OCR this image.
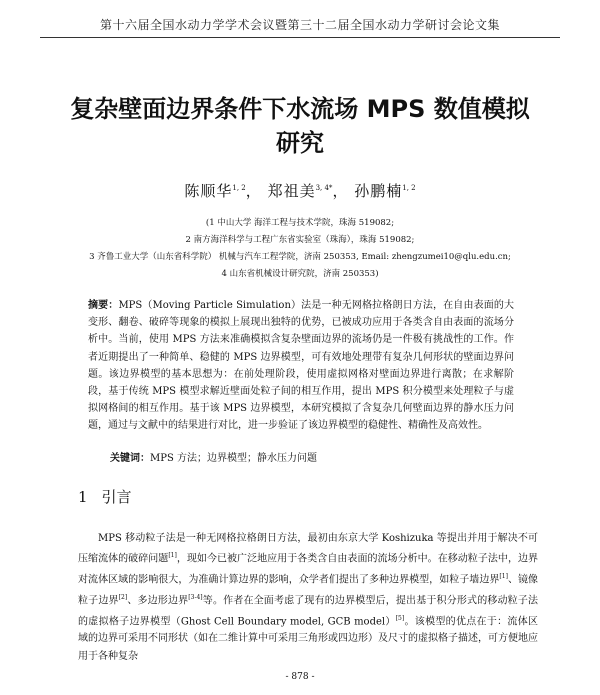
第十六届全国水动力学学术会议暨第三十二届全国水动力学研讨会论文集
复杂壁面边界条件下水流场 MPS 数值模拟
研究
陈顺华$^{1, 2}$， 郑祖美$^{3, 4*}$， 孙鹏楠$^{1, 2}$
(1 中山大学 海洋工程与技术学院，珠海 519082;
2 南方海洋科学与工程广东省实验室（珠海），珠海 519082;
3 齐鲁工业大学（山东省科学院） 机械与汽车工程学院，济南 250353, Email: zhengzumei10@qlu.edu.cn;
4 山东省机械设计研究院，济南 250353)
摘要：MPS（Moving Particle Simulation）法是一种无网格拉格朗日方法，在自由表面的大变形、翻卷、破碎等现象的模拟上展现出独特的优势，已被成功应用于各类含自由表面的流场分析中。当前，使用 MPS 方法来准确模拟含复杂壁面边界的流场仍是一件极有挑战性的工作。作者近期提出了一种简单、稳健的 MPS 边界模型，可有效地处理带有复杂几何形状的壁面边界问题。该边界模型的基本思想为：在前处理阶段，使用虚拟网格对壁面边界进行离散；在求解阶段，基于传统 MPS 模型求解近壁面处粒子间的相互作用，提出 MPS 积分模型来处理粒子与虚拟网格间的相互作用。基于该 MPS 边界模型，本研究模拟了含复杂几何壁面边界的静水压力问题，通过与文献中的结果进行对比，进一步验证了该边界模型的稳健性、精确性及高效性。
关键词：MPS 方法；边界模型；静水压力问题
1 引言
MPS 移动粒子法是一种无网格拉格朗日方法，最初由东京大学 Koshizuka 等提出并用于解决不可压缩流体的破碎问题[1]，现如今已被广泛地应用于各类含自由表面的流场分析中。在移动粒子法中，边界对流体区域的影响很大，为准确计算边界的影响，众学者们提出了多种边界模型，如粒子墙边界[1]、镜像粒子边界[2]、多边形边界[3-4]等。作者在全面考虑了现有的边界模型后，提出基于积分形式的移动粒子法的虚拟格子边界模型（Ghost Cell Boundary model, GCB model）[5]。该模型的优点在于：流体区域的边界可采用不同形状（如在二维计算中可采用三角形或四边形）及尺寸的虚拟格子描述，可方便地应用于各种复杂
- 878 -
